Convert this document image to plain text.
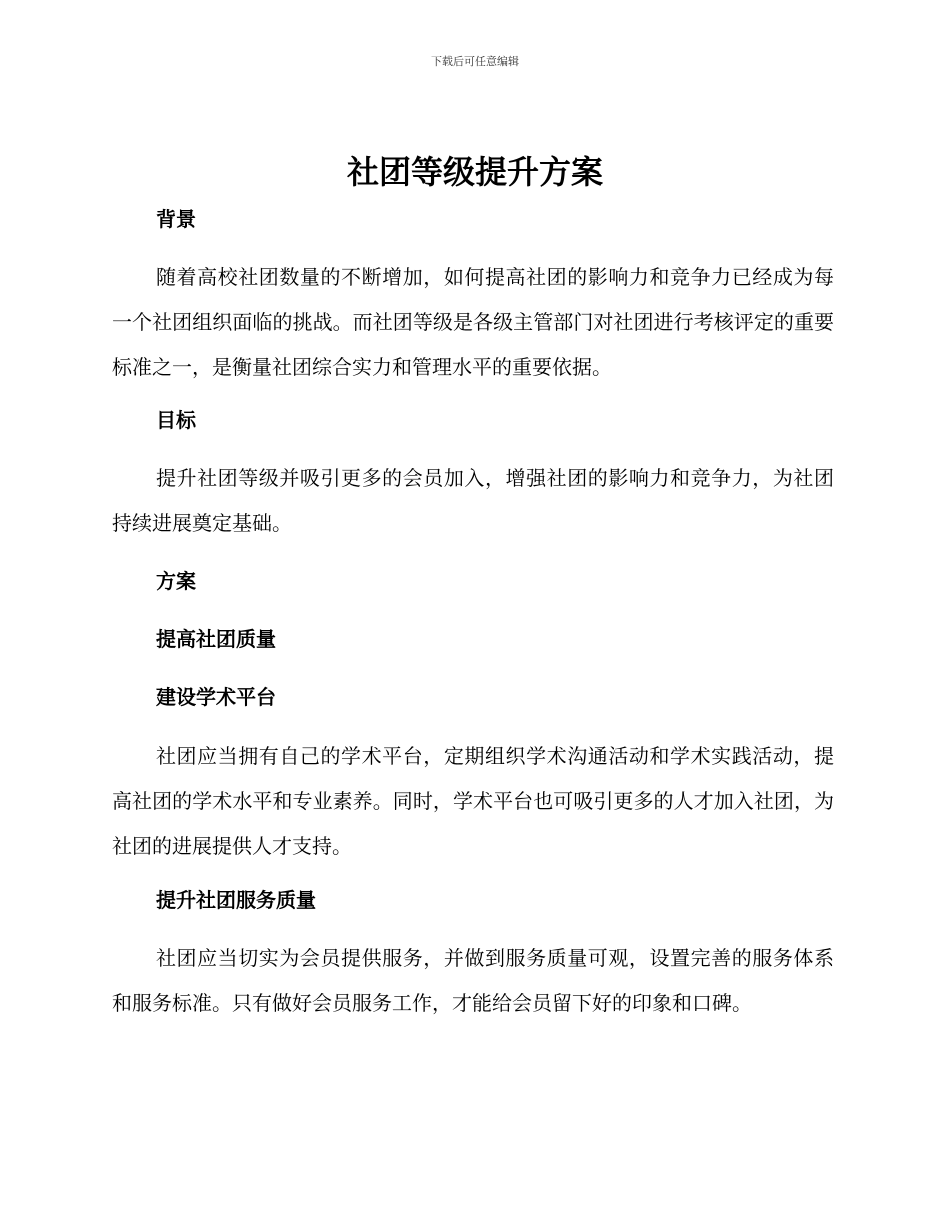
下载后可任意编辑
社团等级提升方案

背景

随着高校社团数量的不断增加，如何提高社团的影响力和竞争力已经成为每一个社团组织面临的挑战。而社团等级是各级主管部门对社团进行考核评定的重要标准之一，是衡量社团综合实力和管理水平的重要依据。

目标

提升社团等级并吸引更多的会员加入，增强社团的影响力和竞争力，为社团持续进展奠定基础。

方案

提高社团质量

建设学术平台

社团应当拥有自己的学术平台，定期组织学术沟通活动和学术实践活动，提高社团的学术水平和专业素养。同时，学术平台也可吸引更多的人才加入社团，为社团的进展提供人才支持。

提升社团服务质量

社团应当切实为会员提供服务，并做到服务质量可观，设置完善的服务体系和服务标准。只有做好会员服务工作，才能给会员留下好的印象和口碑。
